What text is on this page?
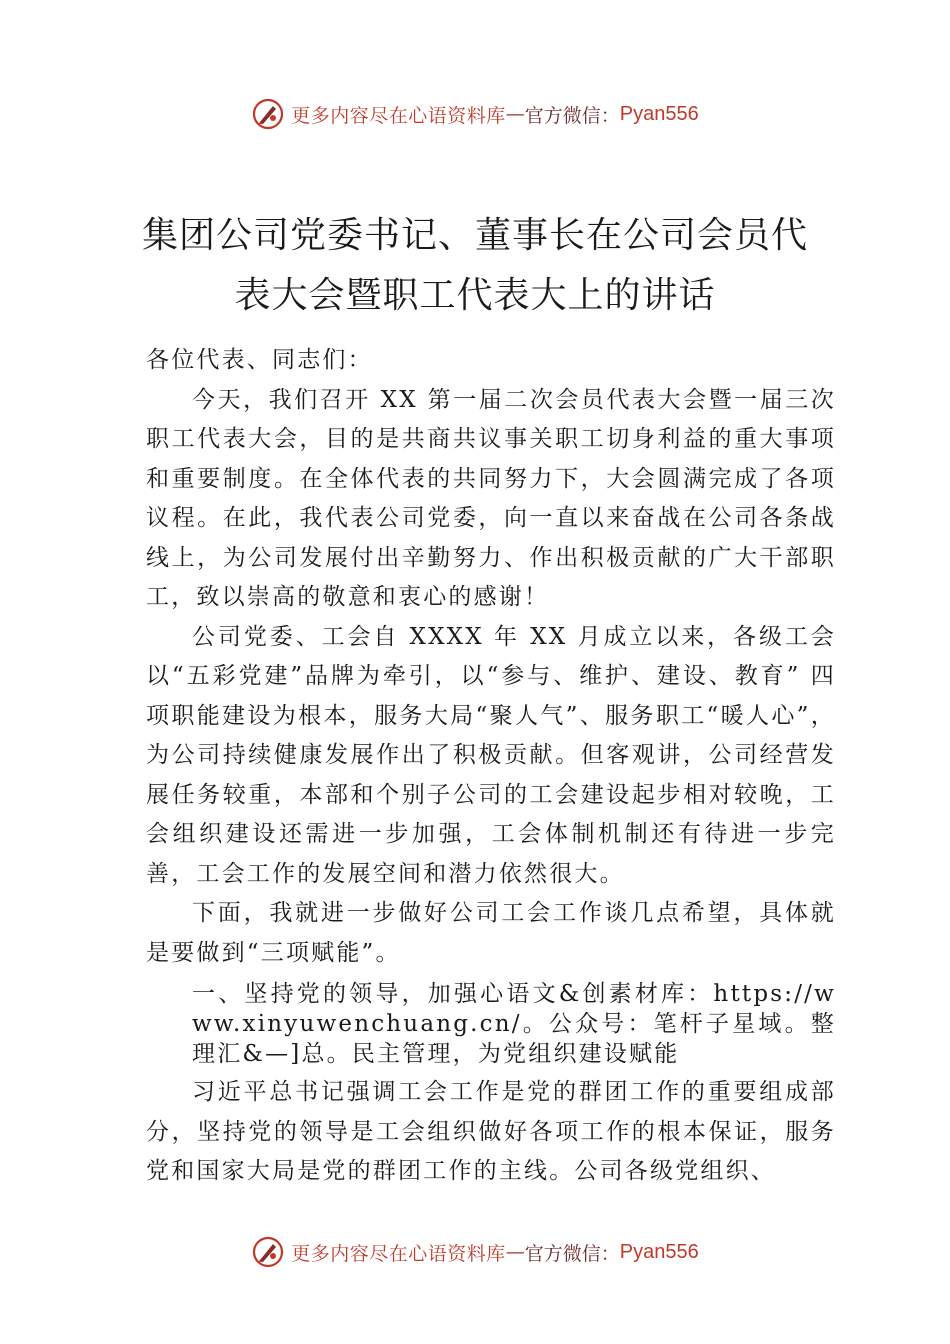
更多内容尽在心语资料库 — 官方微信： Pyan556
集团公司党委书记、董事长在公司会员代
表大会暨职工代表大上的讲话

各位代表、同志们：

今天，我们召开 XX 第一届二次会员代表大会暨一届三次职工代表大会，目的是共商共议事关职工切身利益的重大事项和重要制度。在全体代表的共同努力下，大会圆满完成了各项议程。在此，我代表公司党委，向一直以来奋战在公司各条战线上，为公司发展付出辛勤努力、作出积极贡献的广大干部职工，致以崇高的敬意和衷心的感谢！

公司党委、工会自 XXXX 年 XX 月成立以来，各级工会以“五彩党建”品牌为牵引，以“参与、维护、建设、教育” 四项职能建设为根本，服务大局“聚人气”、服务职工“暖人心”，为公司持续健康发展作出了积极贡献。但客观讲，公司经营发展任务较重，本部和个别子公司的工会建设起步相对较晚，工会组织建设还需进一步加强，工会体制机制还有待进一步完善，工会工作的发展空间和潜力依然很大。

下面，我就进一步做好公司工会工作谈几点希望，具体就是要做到“三项赋能”。

一、坚持党的领导，加强心语文&创素材库：https://www.xinyuwenchuang.cn/。公众号：笔杆子星域。整理汇&—]总。民主管理，为党组织建设赋能

习近平总书记强调工会工作是党的群团工作的重要组成部分，坚持党的领导是工会组织做好各项工作的根本保证，服务党和国家大局是党的群团工作的主线。公司各级党组织、

更多内容尽在心语资料库 — 官方微信： Pyan556
